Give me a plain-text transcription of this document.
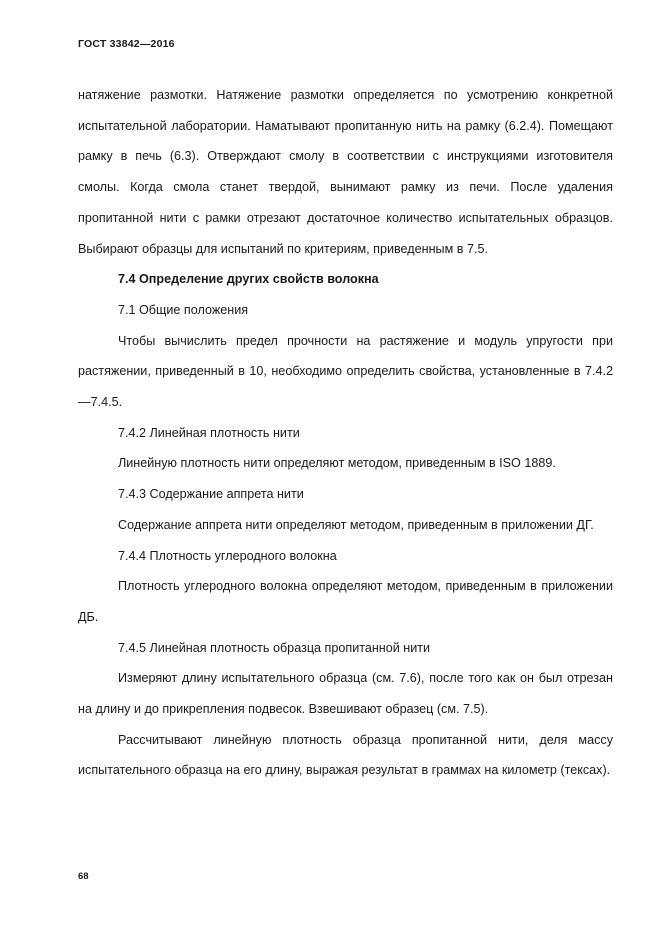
ГОСТ 33842—2016

натяжение размотки. Натяжение размотки определяется по усмотрению конкретной испытательной лаборатории. Наматывают пропитанную нить на рамку (6.2.4). Помещают рамку в печь (6.3). Отверждают смолу в соответствии с инструкциями изготовителя смолы. Когда смола станет твердой, вынимают рамку из печи. После удаления пропитанной нити с рамки отрезают достаточное количество испытательных образцов. Выбирают образцы для испытаний по критериям, приведенным в 7.5.

7.4 Определение других свойств волокна

7.1 Общие положения

Чтобы вычислить предел прочности на растяжение и модуль упругости при растяжении, приведенный в 10, необходимо определить свойства, установленные в 7.4.2—7.4.5.

7.4.2 Линейная плотность нити

Линейную плотность нити определяют методом, приведенным в ISO 1889.

7.4.3 Содержание аппрета нити

Содержание аппрета нити определяют методом, приведенным в приложении ДГ.

7.4.4 Плотность углеродного волокна

Плотность углеродного волокна определяют методом, приведенным в приложении ДБ.

7.4.5 Линейная плотность образца пропитанной нити

Измеряют длину испытательного образца (см. 7.6), после того как он был отрезан на длину и до прикрепления подвесок. Взвешивают образец (см. 7.5).

Рассчитывают линейную плотность образца пропитанной нити, деля массу испытательного образца на его длину, выражая результат в граммах на километр (тексах).

68
